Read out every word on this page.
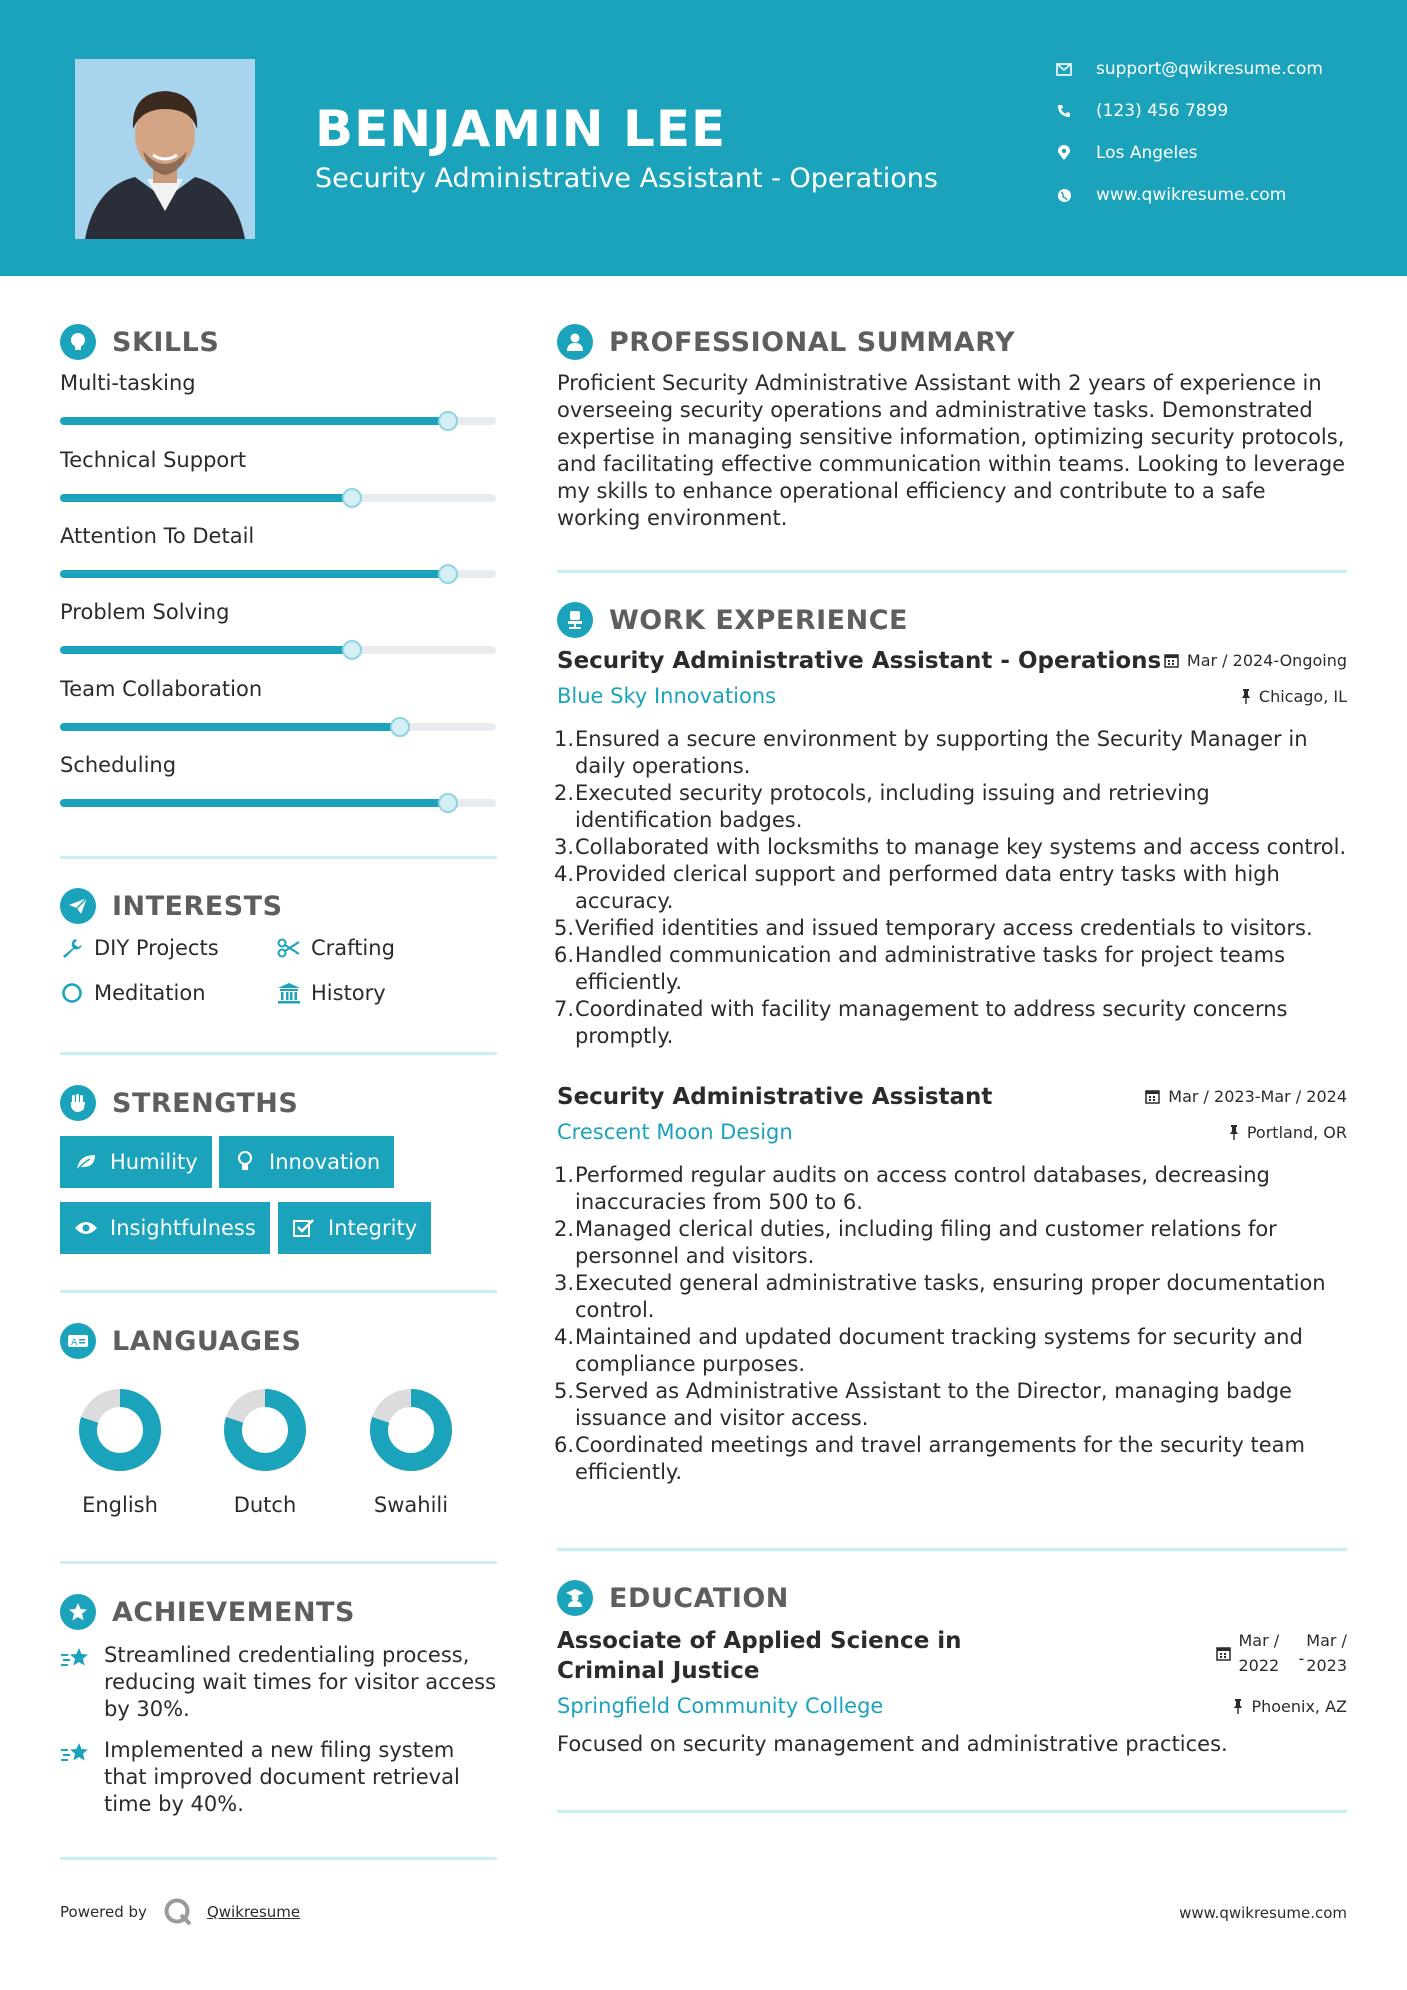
BENJAMIN LEE
Security Administrative Assistant - Operations
support@qwikresume.com
(123) 456 7899
Los Angeles
www.qwikresume.com
SKILLS
Multi-tasking
Technical Support
Attention To Detail
Problem Solving
Team Collaboration
Scheduling
INTERESTS
DIY Projects	Crafting
Meditation	History
STRENGTHS
Humility	Innovation
Insightfulness	Integrity
A LANGUAGES
English	Dutch	Swahili
ACHIEVEMENTS
Streamlined credentialing process, reducing wait times for visitor access by 30%.
Implemented a new filing system that improved document retrieval time by 40%.
PROFESSIONAL SUMMARY
Proficient Security Administrative Assistant with 2 years of experience in overseeing security operations and administrative tasks. Demonstrated expertise in managing sensitive information, optimizing security protocols, and facilitating effective communication within teams. Looking to leverage my skills to enhance operational efficiency and contribute to a safe working environment.
WORK EXPERIENCE
Security Administrative Assistant - Operations Mar / 2024-Ongoing
Blue Sky Innovations	Chicago, IL
1. Ensured a secure environment by supporting the Security Manager in daily operations.
2. Executed security protocols, including issuing and retrieving identification badges.
3. Collaborated with locksmiths to manage key systems and access control.
4. Provided clerical support and performed data entry tasks with high accuracy.
5. Verified identities and issued temporary access credentials to visitors.
6. Handled communication and administrative tasks for project teams efficiently.
7. Coordinated with facility management to address security concerns promptly.
Security Administrative Assistant	Mar / 2023-Mar / 2024
Crescent Moon Design	Portland, OR
1. Performed regular audits on access control databases, decreasing inaccuracies from 500 to 6.
2. Managed clerical duties, including filing and customer relations for personnel and visitors.
3. Executed general administrative tasks, ensuring proper documentation control.
4. Maintained and updated document tracking systems for security and compliance purposes.
5. Served as Administrative Assistant to the Director, managing badge issuance and visitor access.
6. Coordinated meetings and travel arrangements for the security team efficiently.
EDUCATION
Associate of Applied Science in Criminal Justice
Mar /
2022	-
Mar /
2023
Springfield Community College	Phoenix, AZ
Focused on security management and administrative practices.
Powered by	Qwikresume	www.qwikresume.com
